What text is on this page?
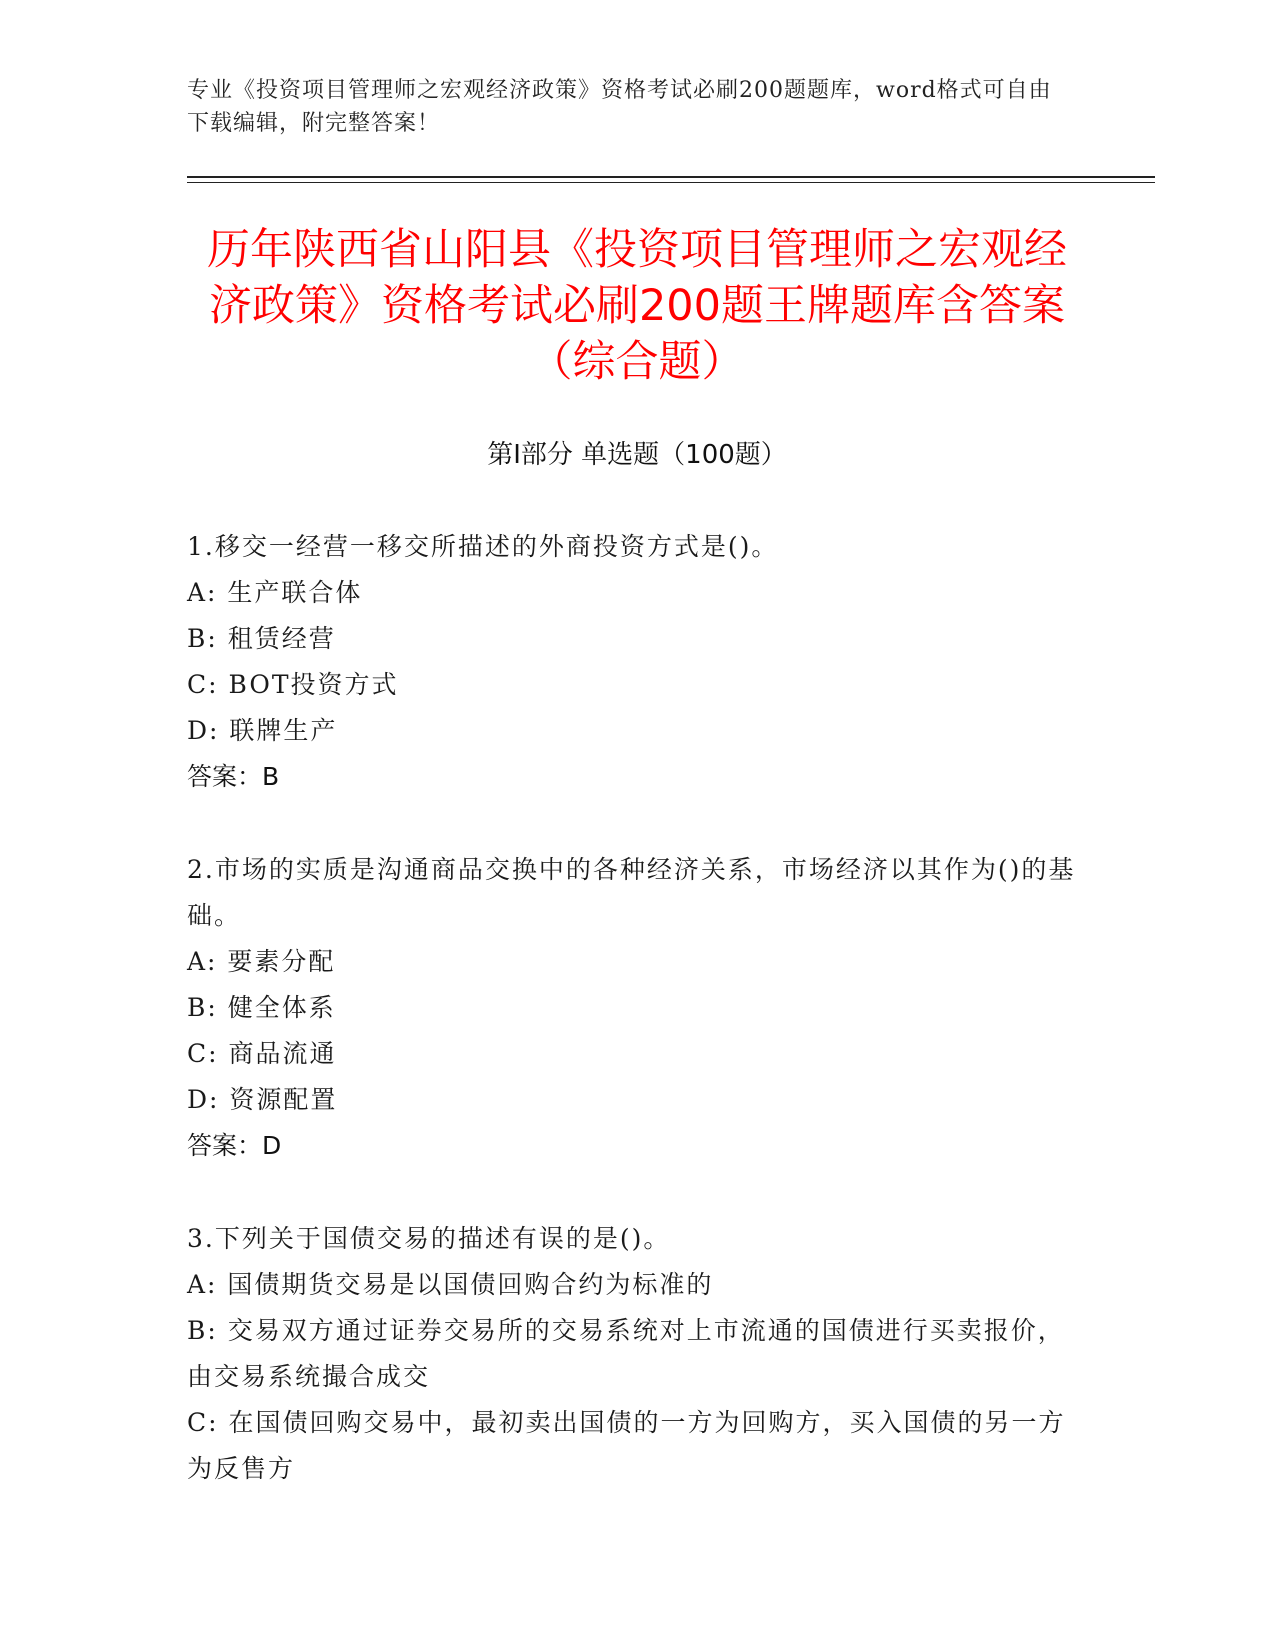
专业《投资项目管理师之宏观经济政策》资格考试必刷200题题库，word格式可自由下载编辑，附完整答案！
历年陕西省山阳县《投资项目管理师之宏观经济政策》资格考试必刷200题王牌题库含答案（综合题）
第Ⅰ部分 单选题（100题）

1.移交一经营一移交所描述的外商投资方式是()。

A: 生产联合体

B: 租赁经营

C: BOT投资方式

D: 联牌生产

答案：B

2.市场的实质是沟通商品交换中的各种经济关系，市场经济以其作为()的基础。

A: 要素分配

B: 健全体系

C: 商品流通

D: 资源配置

答案：D

3.下列关于国债交易的描述有误的是()。

A: 国债期货交易是以国债回购合约为标准的

B: 交易双方通过证券交易所的交易系统对上市流通的国债进行买卖报价，由交易系统撮合成交

C: 在国债回购交易中，最初卖出国债的一方为回购方，买入国债的另一方为反售方
